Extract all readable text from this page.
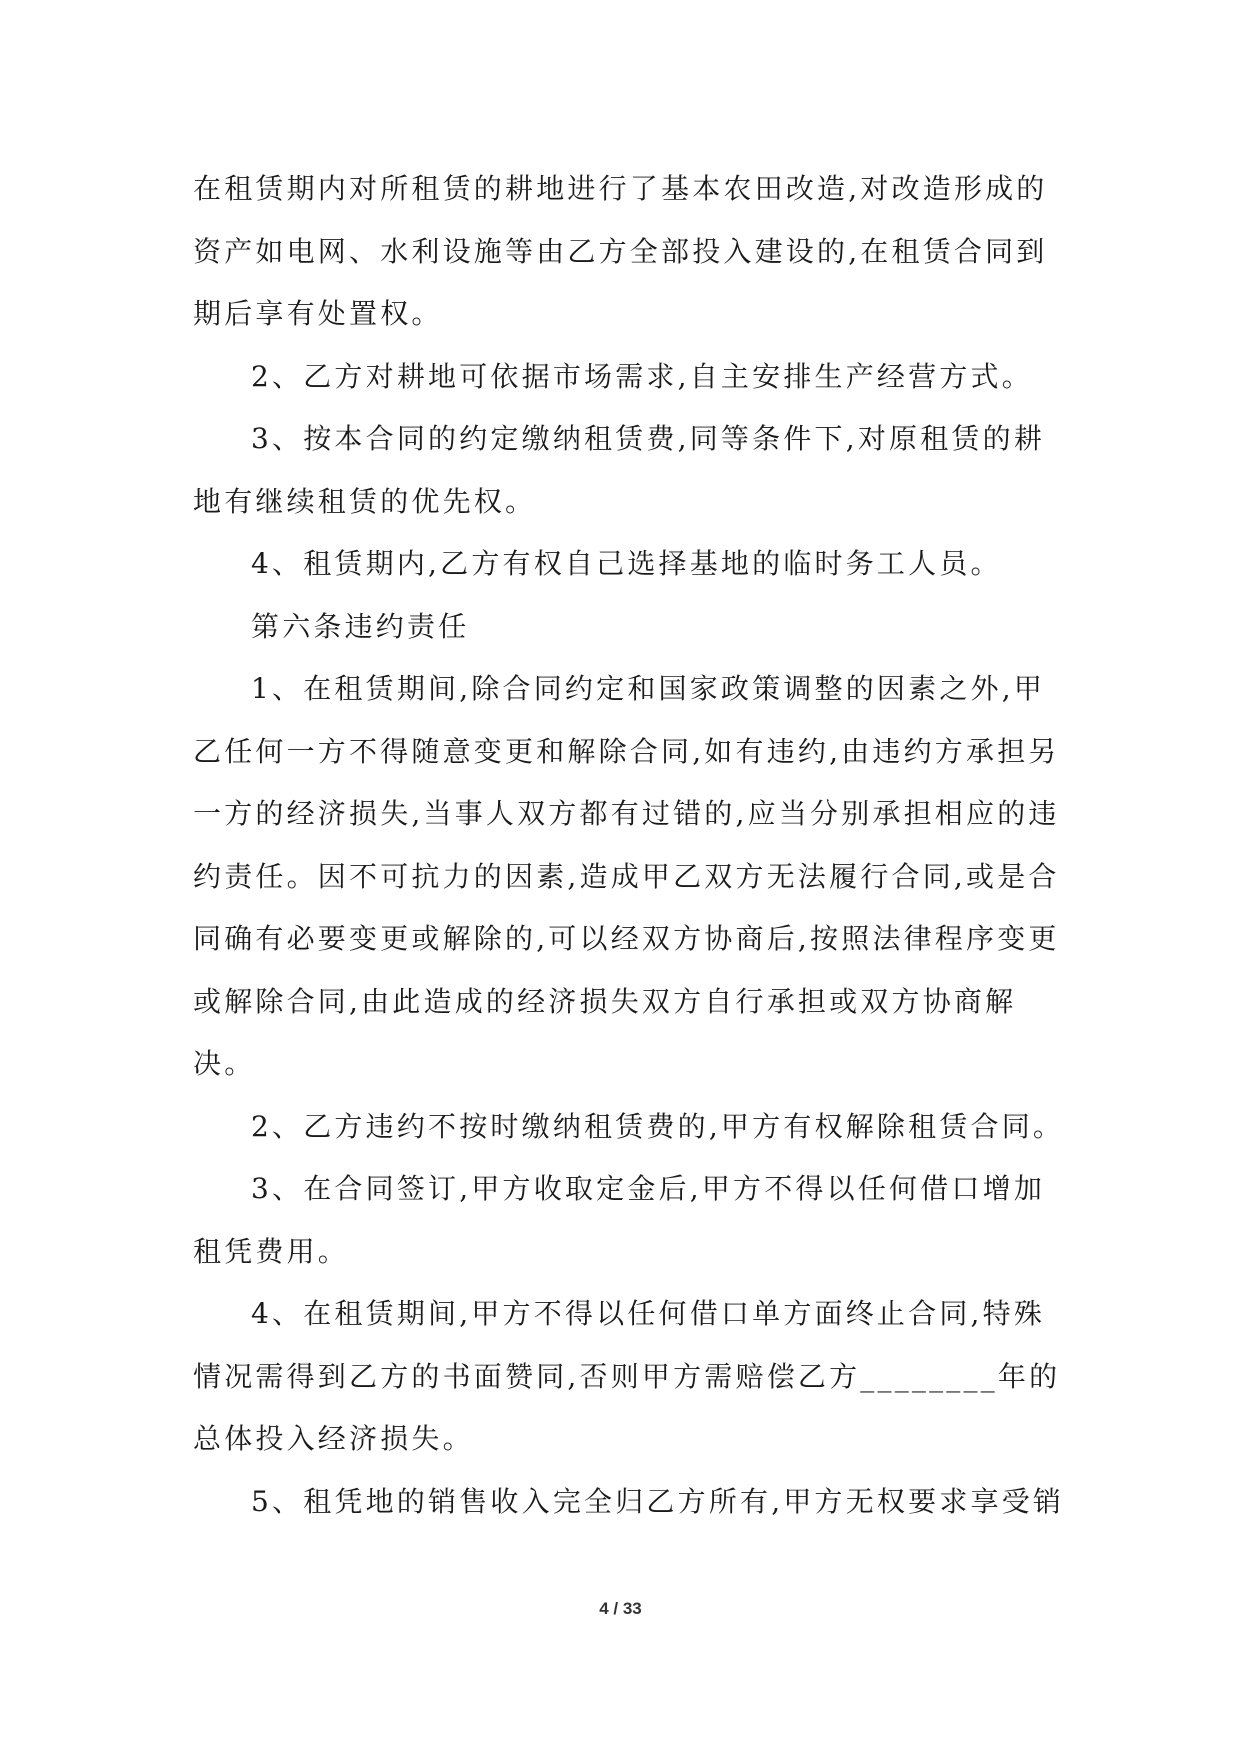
在租赁期内对所租赁的耕地进行了基本农田改造,对改造形成的资产如电网、水利设施等由乙方全部投入建设的,在租赁合同到期后享有处置权。

2、乙方对耕地可依据市场需求,自主安排生产经营方式。

3、按本合同的约定缴纳租赁费,同等条件下,对原租赁的耕地有继续租赁的优先权。

4、租赁期内,乙方有权自己选择基地的临时务工人员。

第六条违约责任

1、在租赁期间,除合同约定和国家政策调整的因素之外,甲乙任何一方不得随意变更和解除合同,如有违约,由违约方承担另一方的经济损失,当事人双方都有过错的,应当分别承担相应的违约责任。因不可抗力的因素,造成甲乙双方无法履行合同,或是合同确有必要变更或解除的,可以经双方协商后,按照法律程序变更或解除合同,由此造成的经济损失双方自行承担或双方协商解决。

2、乙方违约不按时缴纳租赁费的,甲方有权解除租赁合同。

3、在合同签订,甲方收取定金后,甲方不得以任何借口增加租凭费用。

4、在租赁期间,甲方不得以任何借口单方面终止合同,特殊情况需得到乙方的书面赞同,否则甲方需赔偿乙方________年的总体投入经济损失。

5、租凭地的销售收入完全归乙方所有,甲方无权要求享受销

4 / 33
